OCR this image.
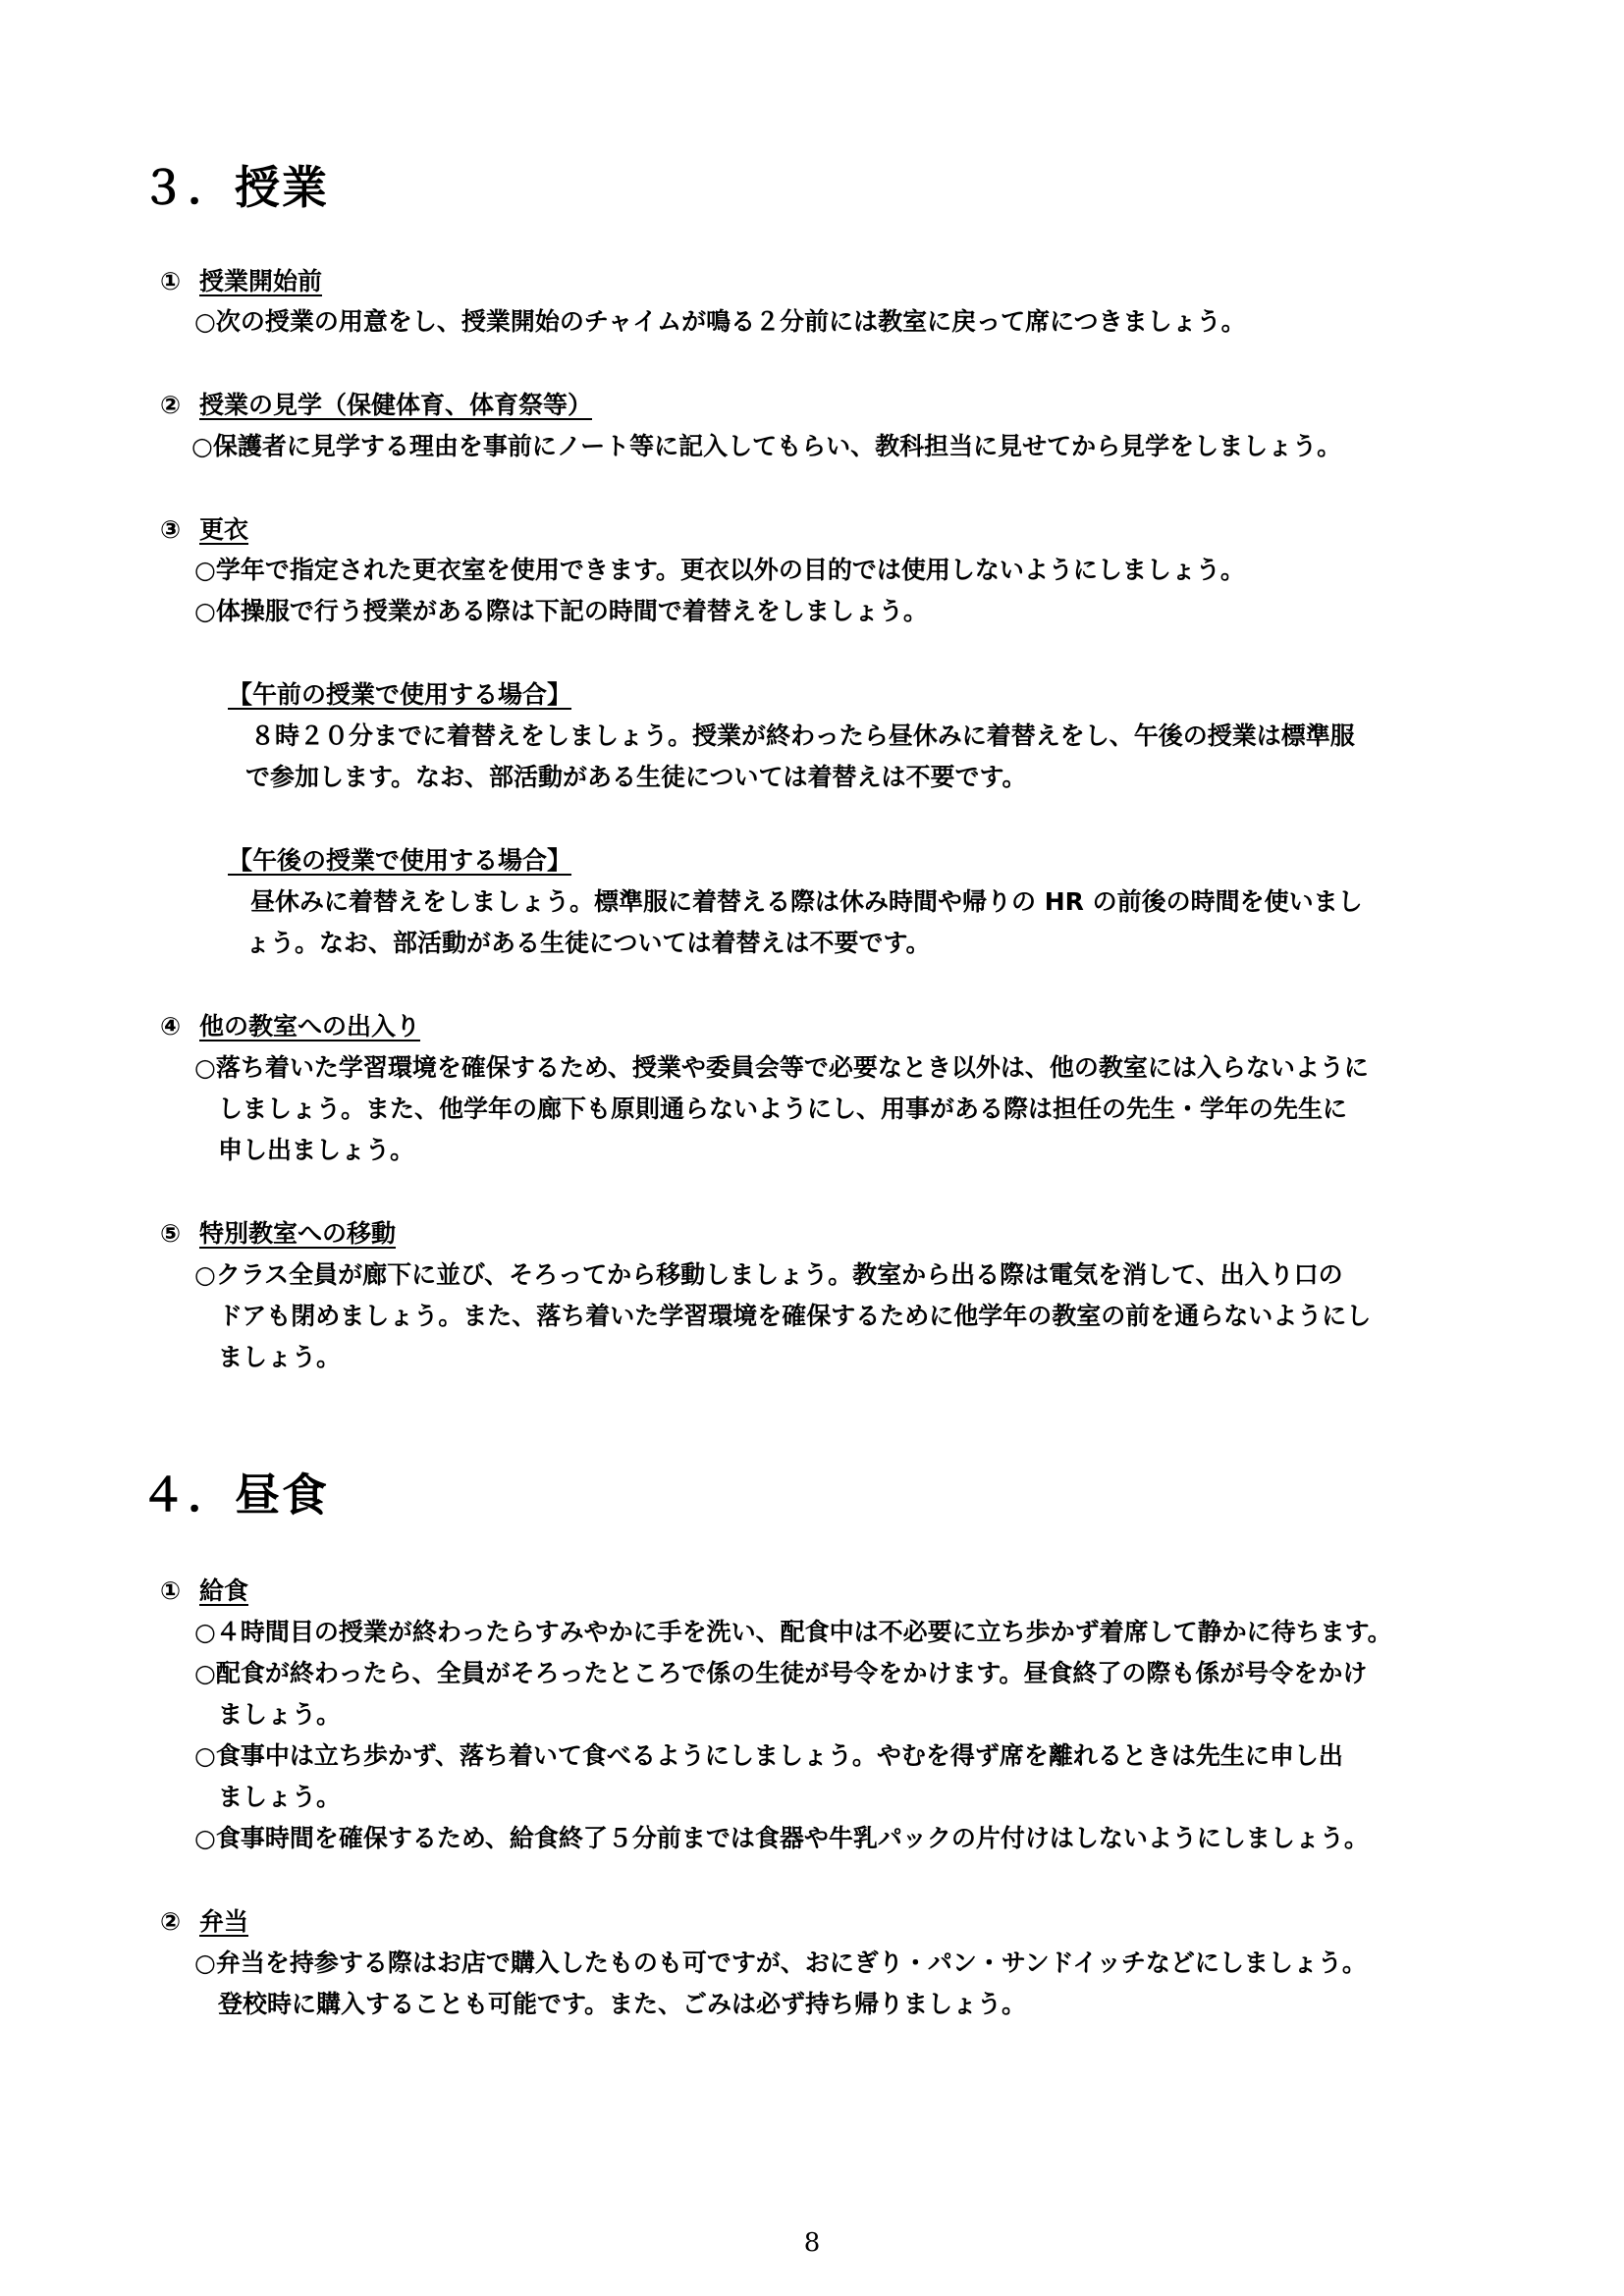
３．授業
① 授業開始前
○次の授業の用意をし、授業開始のチャイムが鳴る２分前には教室に戻って席につきましょう。
② 授業の見学（保健体育、体育祭等）
○保護者に見学する理由を事前にノート等に記入してもらい、教科担当に見せてから見学をしましょう。
③ 更衣
○学年で指定された更衣室を使用できます。更衣以外の目的では使用しないようにしましょう。
○体操服で行う授業がある際は下記の時間で着替えをしましょう。
【午前の授業で使用する場合】
８時２０分までに着替えをしましょう。授業が終わったら昼休みに着替えをし、午後の授業は標準服
で参加します。なお、部活動がある生徒については着替えは不要です。
【午後の授業で使用する場合】
昼休みに着替えをしましょう。標準服に着替える際は休み時間や帰りの HR の前後の時間を使いまし
ょう。なお、部活動がある生徒については着替えは不要です。
④ 他の教室への出入り
○落ち着いた学習環境を確保するため、授業や委員会等で必要なとき以外は、他の教室には入らないように
しましょう。また、他学年の廊下も原則通らないようにし、用事がある際は担任の先生・学年の先生に
申し出ましょう。
⑤ 特別教室への移動
○クラス全員が廊下に並び、そろってから移動しましょう。教室から出る際は電気を消して、出入り口の
ドアも閉めましょう。また、落ち着いた学習環境を確保するために他学年の教室の前を通らないようにし
ましょう。
４．昼食
① 給食
○４時間目の授業が終わったらすみやかに手を洗い、配食中は不必要に立ち歩かず着席して静かに待ちます。
○配食が終わったら、全員がそろったところで係の生徒が号令をかけます。昼食終了の際も係が号令をかけ
ましょう。
○食事中は立ち歩かず、落ち着いて食べるようにしましょう。やむを得ず席を離れるときは先生に申し出
ましょう。
○食事時間を確保するため、給食終了５分前までは食器や牛乳パックの片付けはしないようにしましょう。
② 弁当
○弁当を持参する際はお店で購入したものも可ですが、おにぎり・パン・サンドイッチなどにしましょう。
登校時に購入することも可能です。また、ごみは必ず持ち帰りましょう。
8
